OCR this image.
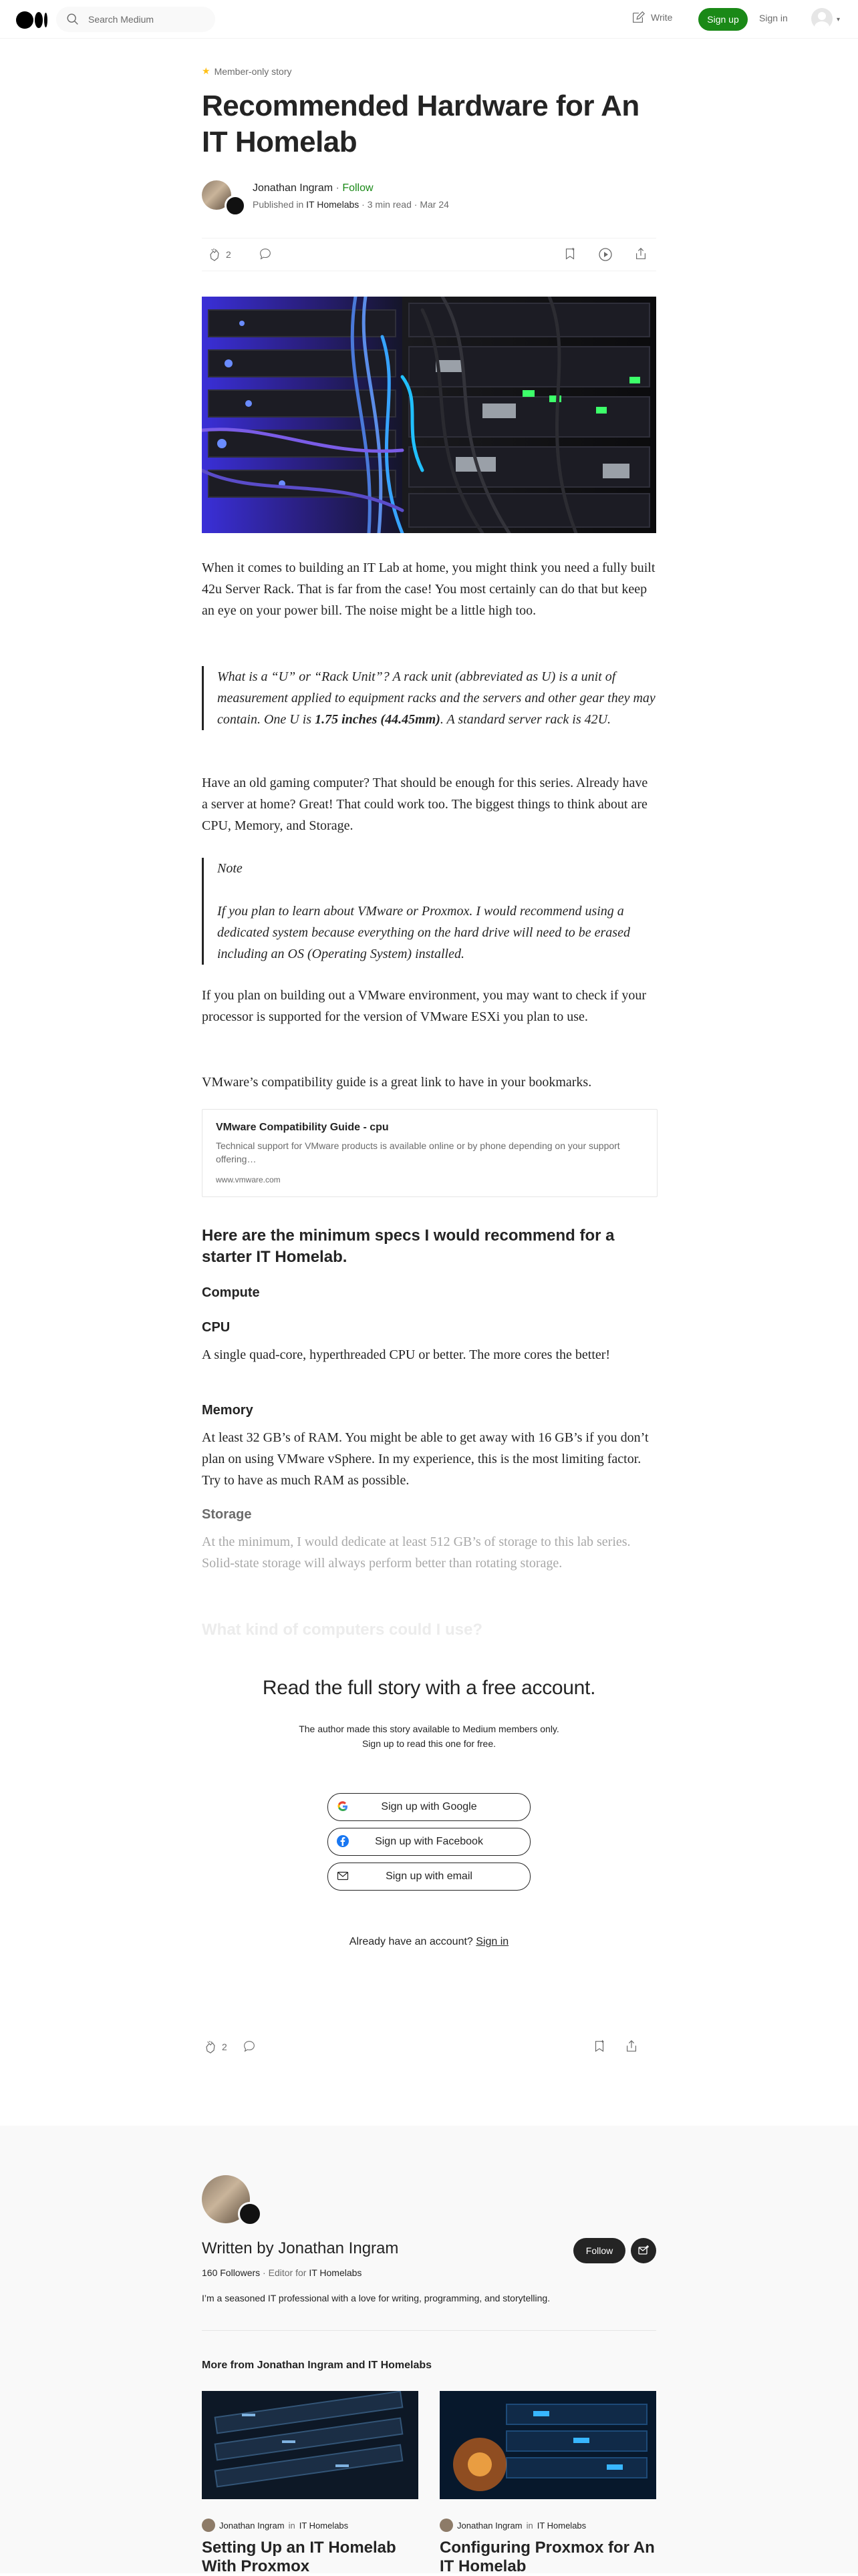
Search Medium
Write	Sign up	Sign in	▾
★ Member-only story
Recommended Hardware for An IT Homelab
Jonathan Ingram · Follow
Published in IT Homelabs · 3 min read · Mar 24
2

When it comes to building an IT Lab at home, you might think you need a fully built 42u Server Rack. That is far from the case! You most certainly can do that but keep an eye on your power bill. The noise might be a little high too.

What is a “U” or “Rack Unit”? A rack unit (abbreviated as U) is a unit of measurement applied to equipment racks and the servers and other gear they may contain. One U is 1.75 inches (44.45mm). A standard server rack is 42U.

Have an old gaming computer? That should be enough for this series. Already have a server at home? Great! That could work too. The biggest things to think about are CPU, Memory, and Storage.

Note
If you plan to learn about VMware or Proxmox. I would recommend using a dedicated system because everything on the hard drive will need to be erased including an OS (Operating System) installed.

If you plan on building out a VMware environment, you may want to check if your processor is supported for the version of VMware ESXi you plan to use.

VMware’s compatibility guide is a great link to have in your bookmarks.

VMware Compatibility Guide - cpu
Technical support for VMware products is available online or by phone depending on your support offering…
www.vmware.com
Here are the minimum specs I would recommend for a starter IT Homelab.
Compute
CPU

A single quad-core, hyperthreaded CPU or better. The more cores the better!

Memory

At least 32 GB’s of RAM. You might be able to get away with 16 GB’s if you don’t plan on using VMware vSphere. In my experience, this is the most limiting factor. Try to have as much RAM as possible.

Storage

At the minimum, I would dedicate at least 512 GB’s of storage to this lab series. Solid-state storage will always perform better than rotating storage.

What kind of computers could I use?
Read the full story with a free account.
The author made this story available to Medium members only.
Sign up to read this one for free.
Sign up with Google
Sign up with Facebook
Sign up with email
Already have an account? Sign in
2
Written by Jonathan Ingram
160 Followers · Editor for IT Homelabs
I’m a seasoned IT professional with a love for writing, programming, and storytelling.
Follow
More from Jonathan Ingram and IT Homelabs
Jonathan Ingram in IT Homelabs
Setting Up an IT Homelab With Proxmox
Jonathan Ingram in IT Homelabs
Configuring Proxmox for An IT Homelab
